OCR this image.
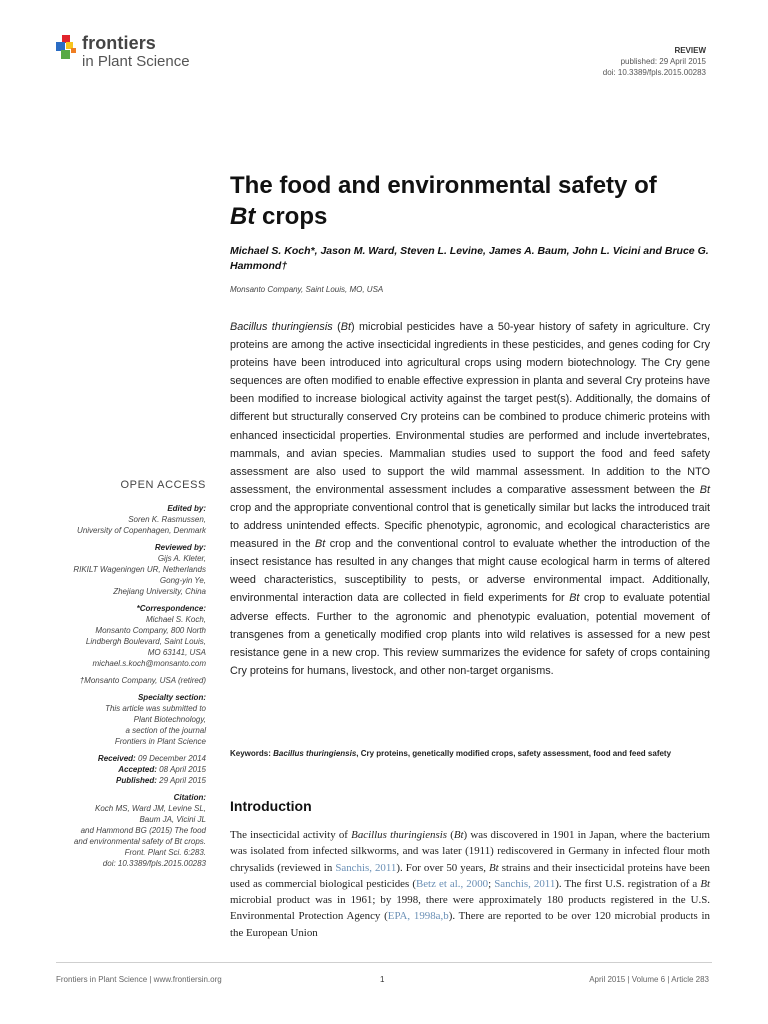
frontiers
in Plant Science
REVIEW
published: 29 April 2015
doi: 10.3389/fpls.2015.00283
The food and environmental safety of
Bt crops
Michael S. Koch*, Jason M. Ward, Steven L. Levine, James A. Baum, John L. Vicini and Bruce G. Hammond†
Monsanto Company, Saint Louis, MO, USA
Bacillus thuringiensis (Bt) microbial pesticides have a 50-year history of safety in agriculture. Cry proteins are among the active insecticidal ingredients in these pesticides, and genes coding for Cry proteins have been introduced into agricultural crops using modern biotechnology. The Cry gene sequences are often modified to enable effective expression in planta and several Cry proteins have been modified to increase biological activity against the target pest(s). Additionally, the domains of different but structurally conserved Cry proteins can be combined to produce chimeric proteins with enhanced insecticidal properties. Environmental studies are performed and include invertebrates, mammals, and avian species. Mammalian studies used to support the food and feed safety assessment are also used to support the wild mammal assessment. In addition to the NTO assessment, the environmental assessment includes a comparative assessment between the Bt crop and the appropriate conventional control that is genetically similar but lacks the introduced trait to address unintended effects. Specific phenotypic, agronomic, and ecological characteristics are measured in the Bt crop and the conventional control to evaluate whether the introduction of the insect resistance has resulted in any changes that might cause ecological harm in terms of altered weed characteristics, susceptibility to pests, or adverse environmental impact. Additionally, environmental interaction data are collected in field experiments for Bt crop to evaluate potential adverse effects. Further to the agronomic and phenotypic evaluation, potential movement of transgenes from a genetically modified crop plants into wild relatives is assessed for a new pest resistance gene in a new crop. This review summarizes the evidence for safety of crops containing Cry proteins for humans, livestock, and other non-target organisms.
Keywords: Bacillus thuringiensis, Cry proteins, genetically modified crops, safety assessment, food and feed safety
Introduction
The insecticidal activity of Bacillus thuringiensis (Bt) was discovered in 1901 in Japan, where the bacterium was isolated from infected silkworms, and was later (1911) rediscovered in Germany in infected flour moth chrysalids (reviewed in Sanchis, 2011). For over 50 years, Bt strains and their insecticidal proteins have been used as commercial biological pesticides (Betz et al., 2000; Sanchis, 2011). The first U.S. registration of a Bt microbial product was in 1961; by 1998, there were approximately 180 products registered in the U.S. Environmental Protection Agency (EPA, 1998a,b). There are reported to be over 120 microbial products in the European Union
OPEN ACCESS
Edited by:
Soren K. Rasmussen,
University of Copenhagen, Denmark
Reviewed by:
Gijs A. Kleter,
RIKILT Wageningen UR, Netherlands
Gong-yin Ye,
Zhejiang University, China
*Correspondence:
Michael S. Koch,
Monsanto Company, 800 North
Lindbergh Boulevard, Saint Louis,
MO 63141, USA
michael.s.koch@monsanto.com
†Monsanto Company, USA (retired)
Specialty section:
This article was submitted to
Plant Biotechnology,
a section of the journal
Frontiers in Plant Science
Received: 09 December 2014
Accepted: 08 April 2015
Published: 29 April 2015
Citation:
Koch MS, Ward JM, Levine SL,
Baum JA, Vicini JL
and Hammond BG (2015) The food
and environmental safety of Bt crops.
Front. Plant Sci. 6:283.
doi: 10.3389/fpls.2015.00283
Frontiers in Plant Science | www.frontiersin.org	1	April 2015 | Volume 6 | Article 283
